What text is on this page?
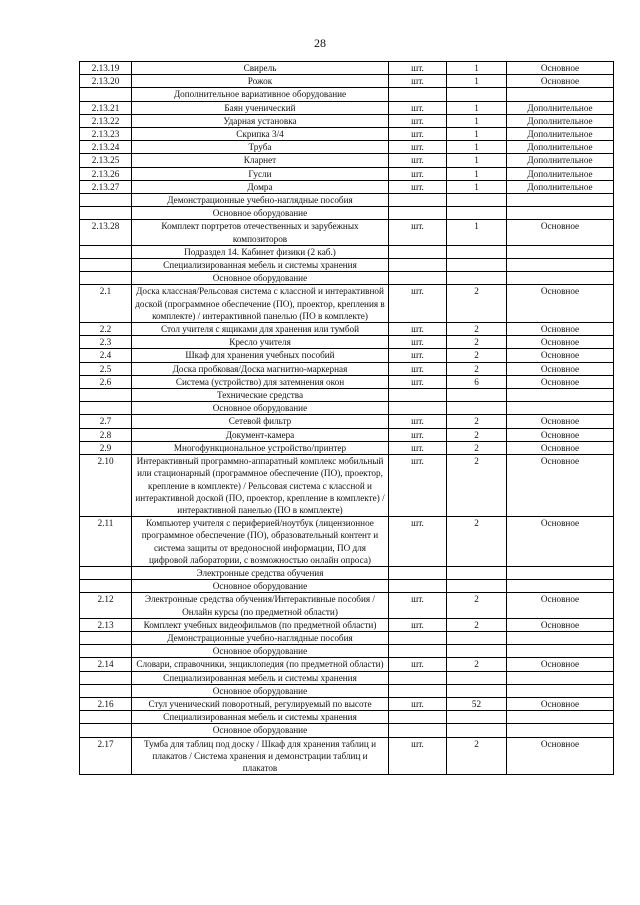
28
2.13.19	Свирель	шт.	1	Основное
2.13.20	Рожок	шт.	1	Основное
	Дополнительное вариативное оборудование			
2.13.21	Баян ученический	шт.	1	Дополнительное
2.13.22	Ударная установка	шт.	1	Дополнительное
2.13.23	Скрипка 3/4	шт.	1	Дополнительное
2.13.24	Труба	шт.	1	Дополнительное
2.13.25	Кларнет	шт.	1	Дополнительное
2.13.26	Гусли	шт.	1	Дополнительное
2.13.27	Домра	шт.	1	Дополнительное
	Демонстрационные учебно-наглядные пособия			
	Основное оборудование			
2.13.28	Комплект портретов отечественных и зарубежных композиторов	шт.	1	Основное
	Подраздел 14. Кабинет физики (2 каб.)			
	Специализированная мебель и системы хранения			
	Основное оборудование			
2.1	Доска классная/Рельсовая система с классной и интерактивной доской (программное обеспечение (ПО), проектор, крепления в комплекте) / интерактивной панелью (ПО в комплекте)	шт.	2	Основное
2.2	Стол учителя с ящиками для хранения или тумбой	шт.	2	Основное
2.3	Кресло учителя	шт.	2	Основное
2.4	Шкаф для хранения учебных пособий	шт.	2	Основное
2.5	Доска пробковая/Доска магнитно-маркерная	шт.	2	Основное
2.6	Система (устройство) для затемнения окон	шт.	6	Основное
	Технические средства			
	Основное оборудование			
2.7	Сетевой фильтр	шт.	2	Основное
2.8	Документ-камера	шт.	2	Основное
2.9	Многофункциональное устройство/принтер	шт.	2	Основное
2.10	Интерактивный программно-аппаратный комплекс мобильный или стационарный (программное обеспечение (ПО), проектор, крепление в комплекте) / Рельсовая система с классной и интерактивной доской (ПО, проектор, крепление в комплекте) / интерактивной панелью (ПО в комплекте)	шт.	2	Основное
2.11	Компьютер учителя с периферией/ноутбук (лицензионное программное обеспечение (ПО), образовательный контент и система защиты от вредоносной информации, ПО для цифровой лаборатории, с возможностью онлайн опроса)	шт.	2	Основное
	Электронные средства обучения			
	Основное оборудование			
2.12	Электронные средства обучения/Интерактивные пособия / Онлайн курсы (по предметной области)	шт.	2	Основное
2.13	Комплект учебных видеофильмов (по предметной области)	шт.	2	Основное
	Демонстрационные учебно-наглядные пособия			
	Основное оборудование			
2.14	Словари, справочники, энциклопедия (по предметной области)	шт.	2	Основное
	Специализированная мебель и системы хранения			
	Основное оборудование			
2.16	Стул ученический поворотный, регулируемый по высоте	шт.	52	Основное
	Специализированная мебель и системы хранения			
	Основное оборудование			
2.17	Тумба для таблиц под доску / Шкаф для хранения таблиц и плакатов / Система хранения и демонстрации таблиц и плакатов	шт.	2	Основное
